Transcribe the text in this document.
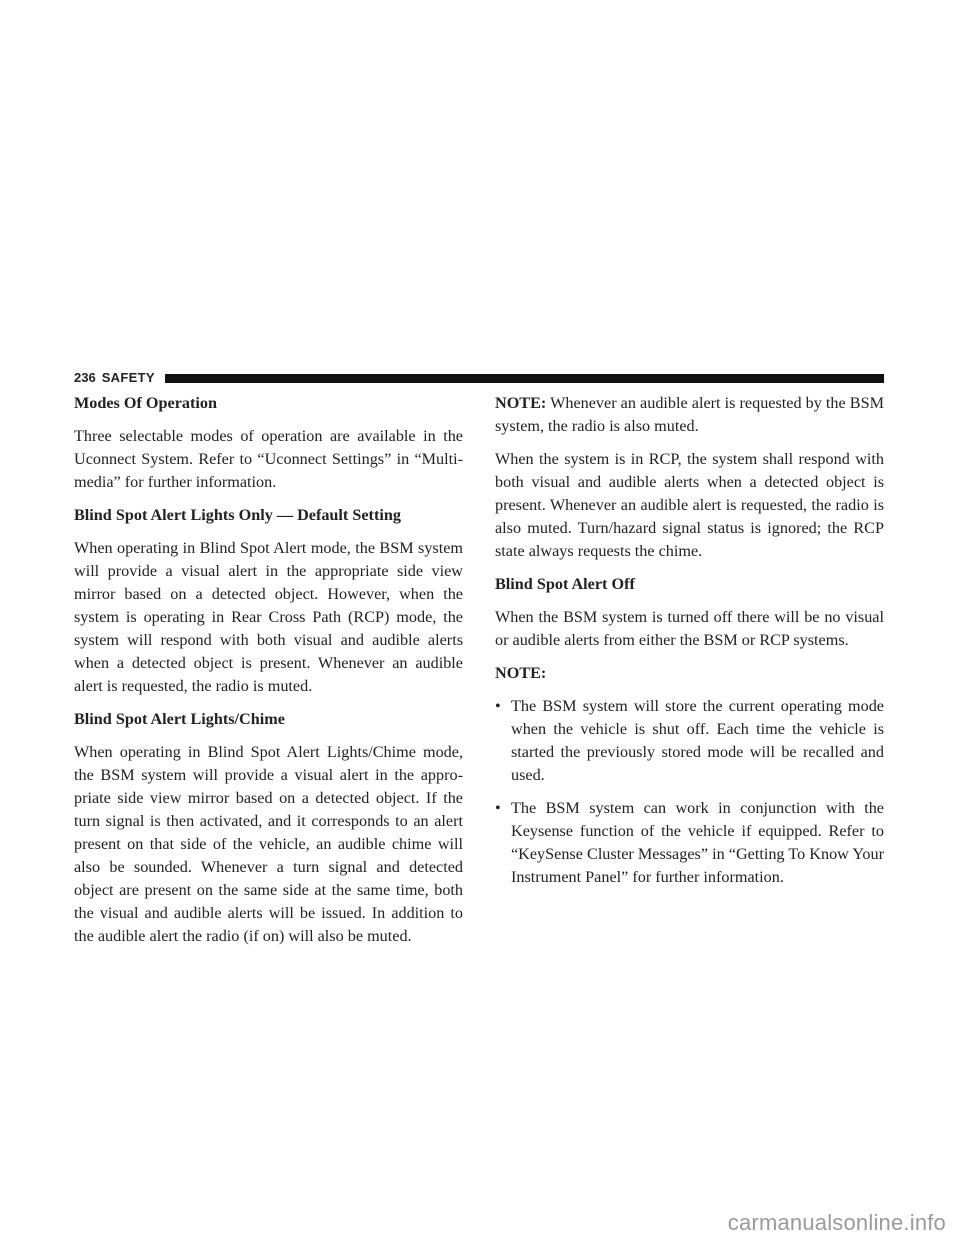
236 SAFETY
Modes Of Operation

Three selectable modes of operation are available in the Uconnect System. Refer to “Uconnect Settings” in “Multi-media” for further information.

Blind Spot Alert Lights Only — Default Setting

When operating in Blind Spot Alert mode, the BSM system will provide a visual alert in the appropriate side view mirror based on a detected object. However, when the system is operating in Rear Cross Path (RCP) mode, the system will respond with both visual and audible alerts when a detected object is present. Whenever an audible alert is requested, the radio is muted.

Blind Spot Alert Lights/Chime

When operating in Blind Spot Alert Lights/Chime mode, the BSM system will provide a visual alert in the appro-priate side view mirror based on a detected object. If the turn signal is then activated, and it corresponds to an alert present on that side of the vehicle, an audible chime will also be sounded. Whenever a turn signal and detected object are present on the same side at the same time, both the visual and audible alerts will be issued. In addition to the audible alert the radio (if on) will also be muted.

NOTE: Whenever an audible alert is requested by the BSM system, the radio is also muted.

When the system is in RCP, the system shall respond with both visual and audible alerts when a detected object is present. Whenever an audible alert is requested, the radio is also muted. Turn/hazard signal status is ignored; the RCP state always requests the chime.

Blind Spot Alert Off

When the BSM system is turned off there will be no visual or audible alerts from either the BSM or RCP systems.

NOTE:

• The BSM system will store the current operating mode when the vehicle is shut off. Each time the vehicle is started the previously stored mode will be recalled and used.
• The BSM system can work in conjunction with the Keysense function of the vehicle if equipped. Refer to “KeySense Cluster Messages” in “Getting To Know Your Instrument Panel” for further information.
carmanualsonline.info
